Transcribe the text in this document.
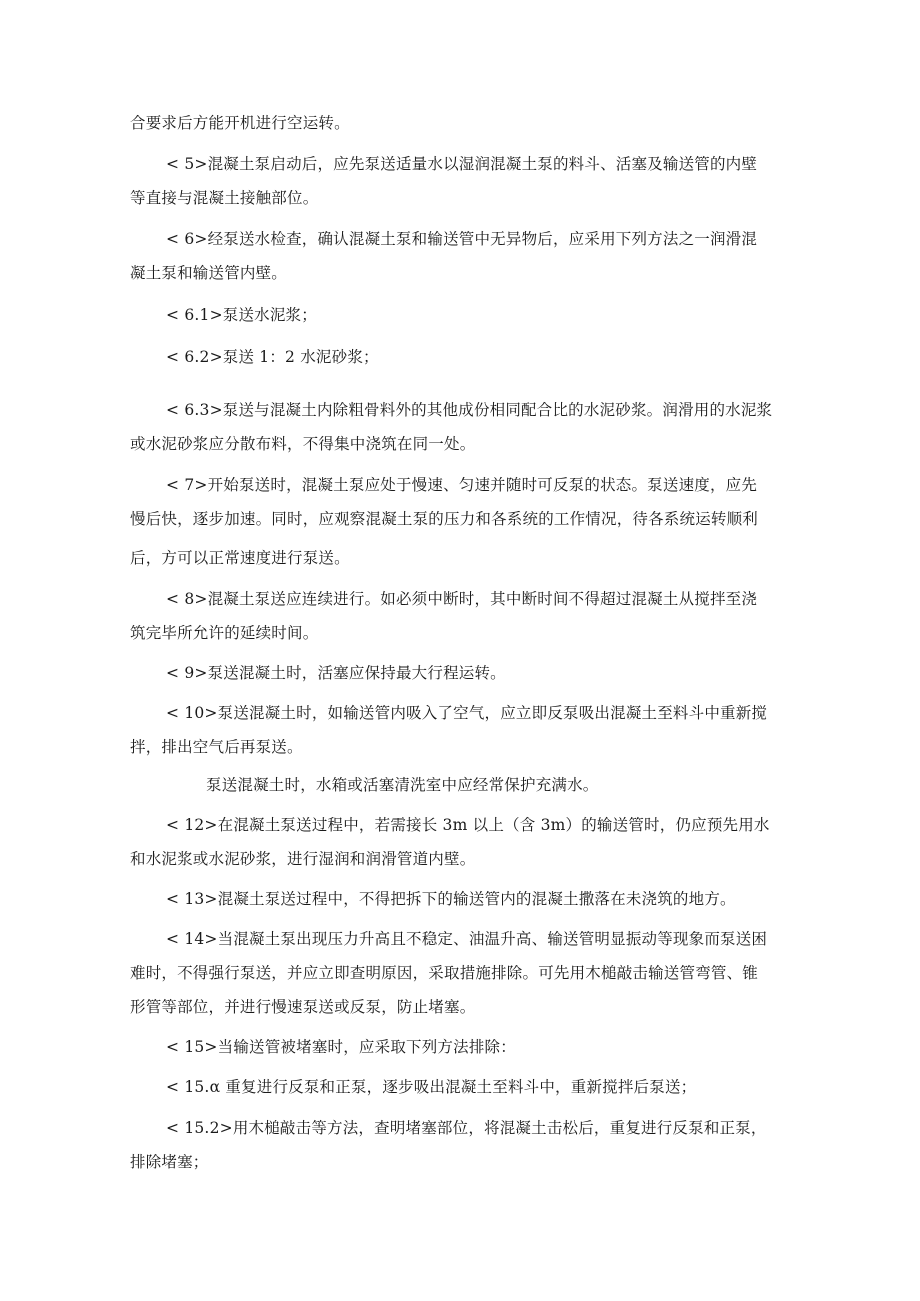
合要求后方能开机进行空运转。
< 5>混凝土泵启动后，应先泵送适量水以湿润混凝土泵的料斗、活塞及输送管的内壁
等直接与混凝土接触部位。
< 6>经泵送水检查，确认混凝土泵和输送管中无异物后，应采用下列方法之一润滑混
凝土泵和输送管内壁。
< 6.1>泵送水泥浆；
< 6.2>泵送 1：2 水泥砂浆；
< 6.3>泵送与混凝土内除粗骨料外的其他成份相同配合比的水泥砂浆。润滑用的水泥浆
或水泥砂浆应分散布料，不得集中浇筑在同一处。
< 7>开始泵送时，混凝土泵应处于慢速、匀速并随时可反泵的状态。泵送速度，应先
慢后快，逐步加速。同时，应观察混凝土泵的压力和各系统的工作情况，待各系统运转顺利
后，方可以正常速度进行泵送。
< 8>混凝土泵送应连续进行。如必须中断时，其中断时间不得超过混凝土从搅拌至浇
筑完毕所允许的延续时间。
< 9>泵送混凝土时，活塞应保持最大行程运转。
< 10>泵送混凝土时，如输送管内吸入了空气，应立即反泵吸出混凝土至料斗中重新搅
拌，排出空气后再泵送。
泵送混凝土时，水箱或活塞清洗室中应经常保护充满水。
< 12>在混凝土泵送过程中，若需接长 3m 以上（含 3m）的输送管时，仍应预先用水
和水泥浆或水泥砂浆，进行湿润和润滑管道内壁。
< 13>混凝土泵送过程中，不得把拆下的输送管内的混凝土撒落在未浇筑的地方。
< 14>当混凝土泵出现压力升高且不稳定、油温升高、输送管明显振动等现象而泵送困
难时，不得强行泵送，并应立即查明原因，采取措施排除。可先用木槌敲击输送管弯管、锥
形管等部位，并进行慢速泵送或反泵，防止堵塞。
< 15>当输送管被堵塞时，应采取下列方法排除：
< 15.α 重复进行反泵和正泵，逐步吸出混凝土至料斗中，重新搅拌后泵送；
< 15.2>用木槌敲击等方法，查明堵塞部位，将混凝土击松后，重复进行反泵和正泵，
排除堵塞；
